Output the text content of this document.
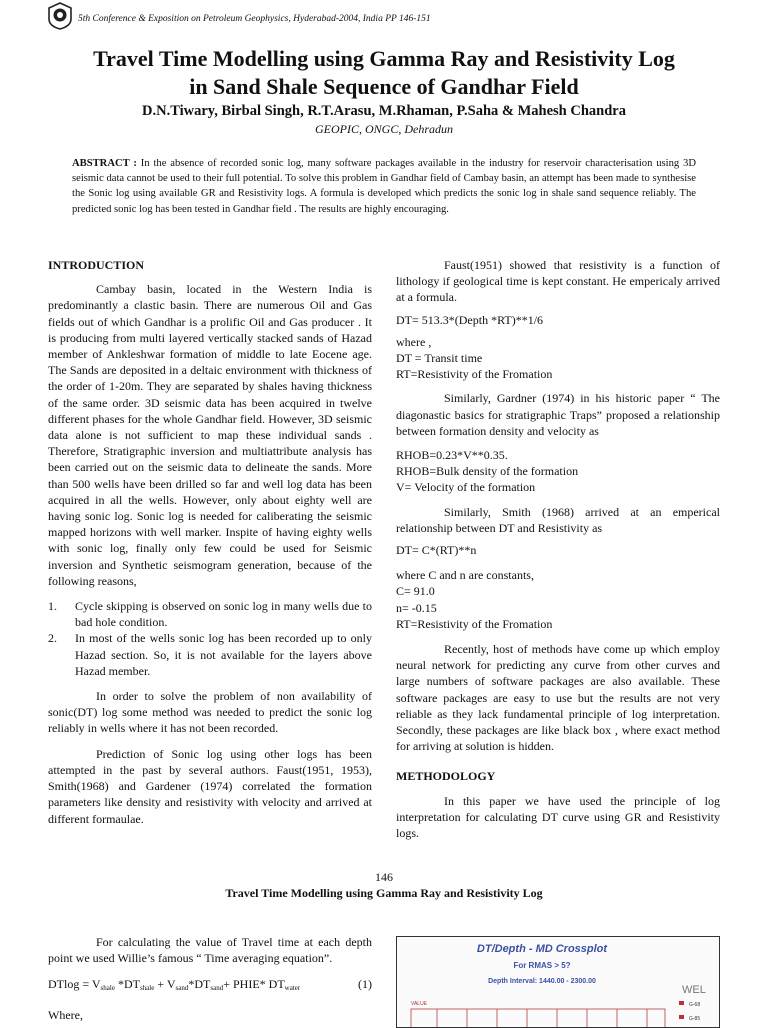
5th Conference & Exposition on Petroleum Geophysics, Hyderabad-2004, India PP 146-151
Travel Time Modelling using Gamma Ray and Resistivity Log
in Sand Shale Sequence of Gandhar Field
D.N.Tiwary, Birbal Singh, R.T.Arasu, M.Rhaman, P.Saha & Mahesh Chandra
GEOPIC, ONGC, Dehradun
ABSTRACT : In the absence of recorded sonic log, many software packages available in the industry for reservoir characterisation using 3D seismic data cannot be used to their full potential. To solve this problem in Gandhar field of Cambay basin, an attempt has been made to synthesise the Sonic log using available GR and Resistivity logs. A formula is developed which predicts the sonic log in shale sand sequence reliably. The predicted sonic log has been tested in Gandhar field . The results are highly encouraging.

INTRODUCTION

Cambay basin, located in the Western India is predominantly a clastic basin. There are numerous Oil and Gas fields out of which Gandhar is a prolific Oil and Gas producer . It is producing from multi layered vertically stacked sands of Hazad member of Ankleshwar formation of middle to late Eocene age. The Sands are deposited in a deltaic environment with thickness of the order of 1-20m. They are separated by shales having thickness of the same order. 3D seismic data has been acquired in twelve different phases for the whole Gandhar field. However, 3D seismic data alone is not sufficient to map these individual sands . Therefore, Stratigraphic inversion and multiattribute analysis has been carried out on the seismic data to delineate the sands. More than 500 wells have been drilled so far and well log data has been acquired in all the wells. However, only about eighty well are having sonic log. Sonic log is needed for caliberating the seismic mapped horizons with well marker. Inspite of having eighty wells with sonic log, finally only few could be used for Seismic inversion and Synthetic seismogram generation, because of the following reasons,

1. Cycle skipping is observed on sonic log in many wells due to bad hole condition.

2. In most of the wells sonic log has been recorded up to only Hazad section. So, it is not available for the layers above Hazad member.

In order to solve the problem of non availability of sonic(DT) log some method was needed to predict the sonic log reliably in wells where it has not been recorded.

Prediction of Sonic log using other logs has been attempted in the past by several authors. Faust(1951, 1953), Smith(1968) and Gardener (1974) correlated the formation parameters like density and resistivity with velocity and arrived at different formaulae.

Faust(1951) showed that resistivity is a function of lithology if geological time is kept constant. He empericaly arrived at a formula.

DT= 513.3*(Depth *RT)**1/6

where ,

DT = Transit time

RT=Resistivity of the Fromation

Similarly, Gardner (1974) in his historic paper “ The diagonastic basics for stratigraphic Traps” proposed a relationship between formation density and velocity as

RHOB=0.23*V**0.35.

RHOB=Bulk density of the formation

V= Velocity of the formation

Similarly, Smith (1968) arrived at an emperical relationship between DT and Resistivity as

DT= C*(RT)**n

where C and n are constants,

C= 91.0

n= -0.15

RT=Resistivity of the Fromation

Recently, host of methods have come up which employ neural network for predicting any curve from other curves and large numbers of software packages are also available. These software packages are easy to use but the results are not very reliable as they lack fundamental principle of log interpretation. Secondly, these packages are like black box , where exact method for arriving at solution is hidden.

METHODOLOGY

In this paper we have used the principle of log interpretation for calculating DT curve using GR and Resistivity logs.

146
Travel Time Modelling using Gamma Ray and Resistivity Log

For calculating the value of Travel time at each depth point we used Willie’s famous “ Time averaging equation”.

$DTlog = V_{shale}$ $*DT_{shale} + V_{sand}*DT_{sand}+$ PHIE* $DT_{water}$	(1)

Where,

DT/Depth - MD Crossplot
For RMAS > 5?
Depth Interval: 1440.00 - 2300.00
VALUE
WEL
G-68
G-85
